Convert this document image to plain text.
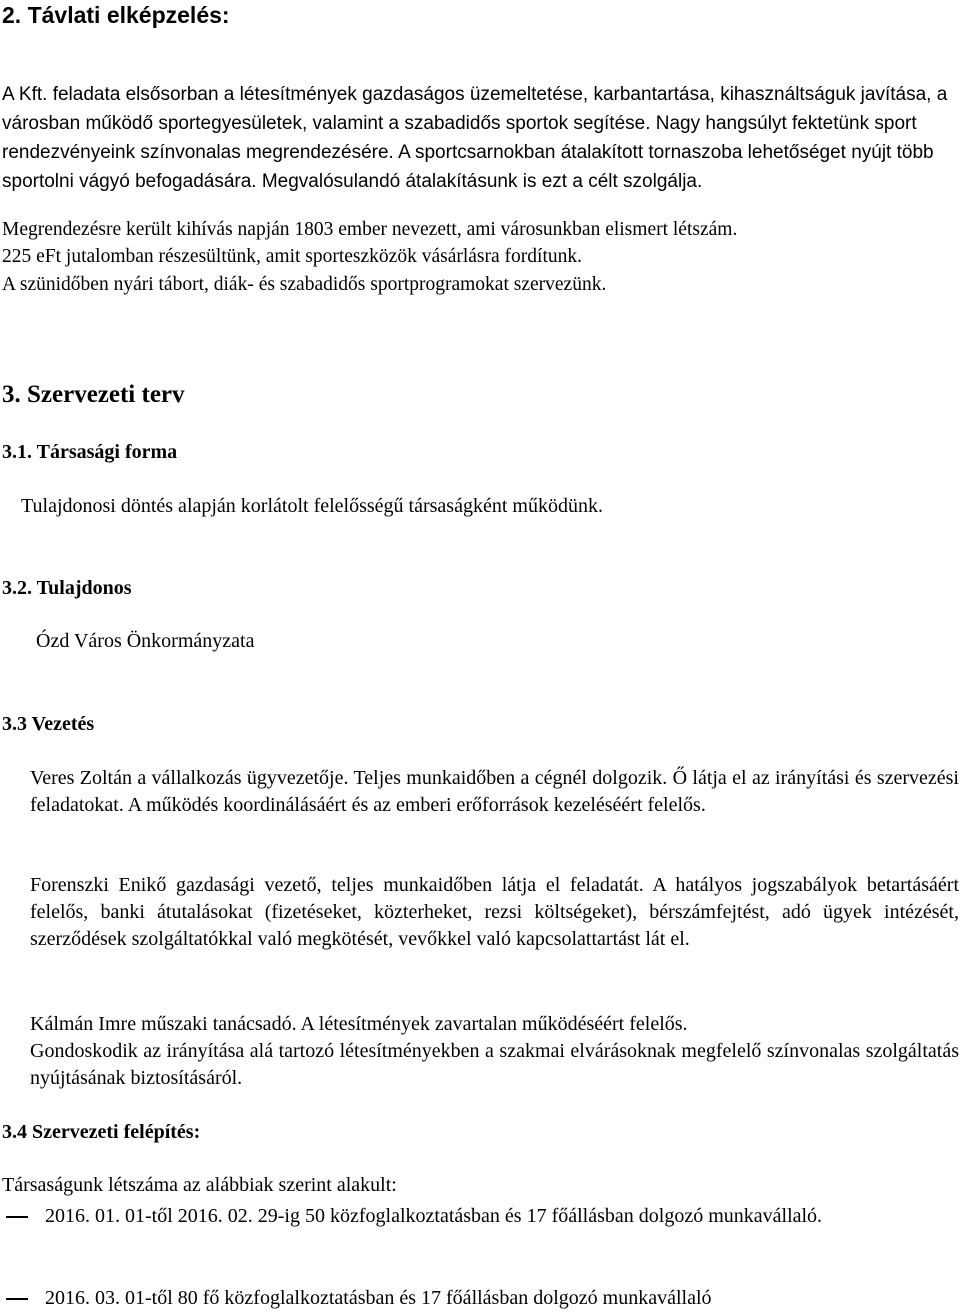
2. Távlati elképzelés:

A Kft. feladata elsősorban a létesítmények gazdaságos üzemeltetése, karbantartása, kihasználtságuk javítása, a városban működő sportegyesületek, valamint a szabadidős sportok segítése. Nagy hangsúlyt fektetünk sport rendezvényeink színvonalas megrendezésére. A sportcsarnokban átalakított tornaszoba lehetőséget nyújt több sportolni vágyó befogadására. Megvalósulandó átalakításunk is ezt a célt szolgálja.

Megrendezésre került kihívás napján 1803 ember nevezett, ami városunkban elismert létszám.

225 eFt jutalomban részesültünk, amit sporteszközök vásárlásra fordítunk.

A szünidőben nyári tábort, diák- és szabadidős sportprogramokat szervezünk.

3. Szervezeti terv
3.1. Társasági forma

Tulajdonosi döntés alapján korlátolt felelősségű társaságként működünk.

3.2. Tulajdonos

Ózd Város Önkormányzata

3.3 Vezetés

Veres Zoltán a vállalkozás ügyvezetője. Teljes munkaidőben a cégnél dolgozik. Ő látja el az irányítási és szervezési feladatokat. A működés koordinálásáért és az emberi erőforrások kezeléséért felelős.

Forenszki Enikő gazdasági vezető, teljes munkaidőben látja el feladatát. A hatályos jogszabályok betartásáért felelős, banki átutalásokat (fizetéseket, közterheket, rezsi költségeket), bérszámfejtést, adó ügyek intézését, szerződések szolgáltatókkal való megkötését, vevőkkel való kapcsolattartást lát el.

Kálmán Imre műszaki tanácsadó. A létesítmények zavartalan működéséért felelős.
Gondoskodik az irányítása alá tartozó létesítményekben a szakmai elvárásoknak megfelelő színvonalas szolgáltatás nyújtásának biztosításáról.

3.4 Szervezeti felépítés:

Társaságunk létszáma az alábbiak szerint alakult:

2016. 01. 01-től 2016. 02. 29-ig 50 közfoglalkoztatásban és 17 főállásban dolgozó munkavállaló.
2016. 03. 01-től 80 fő közfoglalkoztatásban és 17 főállásban dolgozó munkavállaló
